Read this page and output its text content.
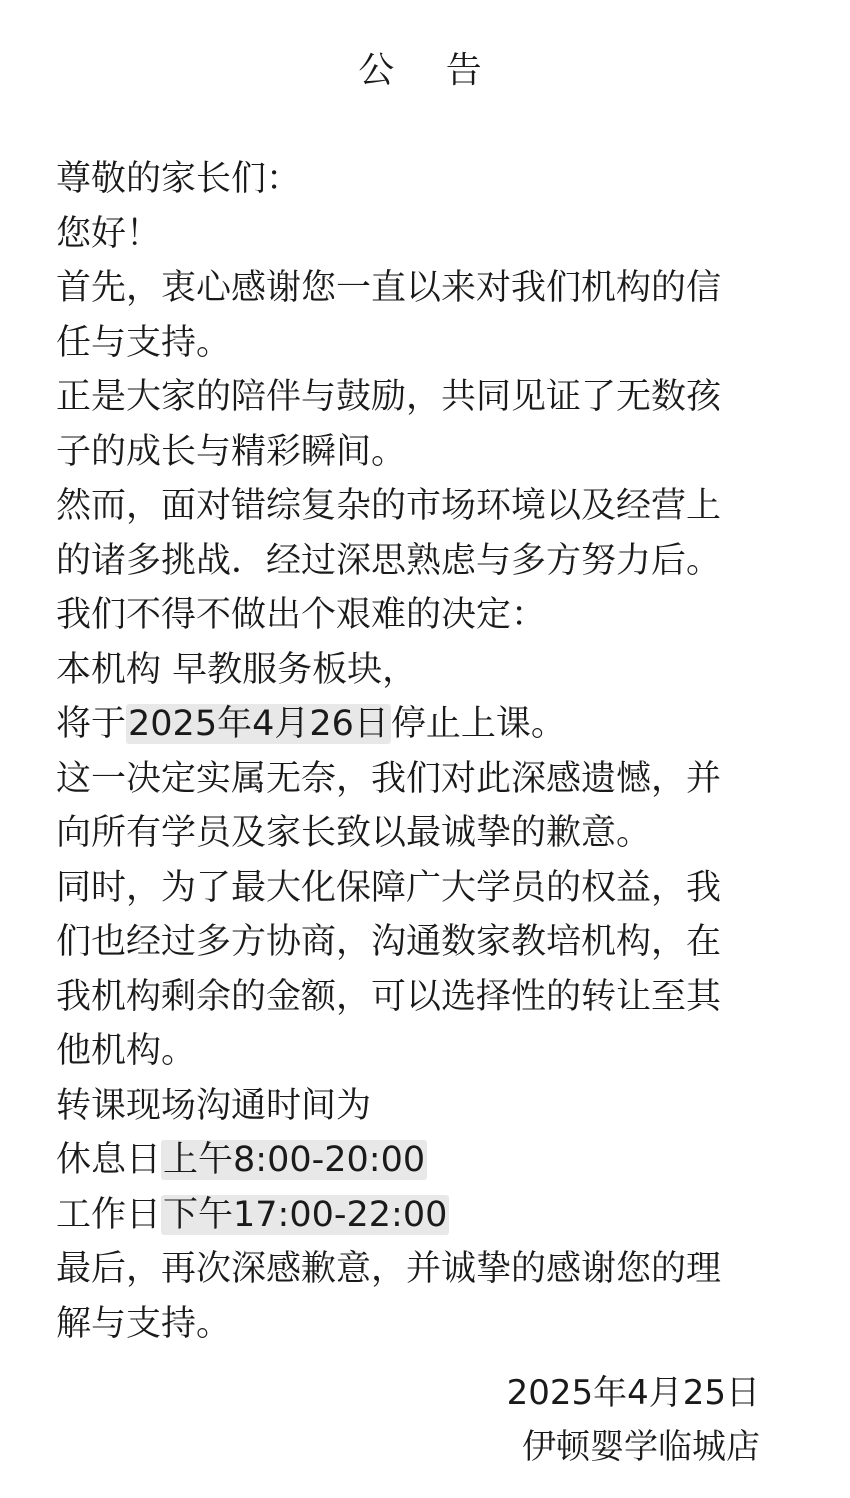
公 告
尊敬的家长们：
您好！
首先，衷心感谢您一直以来对我们机构的信
任与支持。
正是大家的陪伴与鼓励，共同见证了无数孩
子的成长与精彩瞬间。
然而，面对错综复杂的市场环境以及经营上
的诸多挑战．经过深思熟虑与多方努力后。
我们不得不做出个艰难的决定：
本机构 早教服务板块，
将于2025年4月26日停止上课。
这一决定实属无奈，我们对此深感遗憾，并
向所有学员及家长致以最诚挚的歉意。
同时，为了最大化保障广大学员的权益，我
们也经过多方协商，沟通数家教培机构，在
我机构剩余的金额，可以选择性的转让至其
他机构。
转课现场沟通时间为
休息日上午8:00-20:00
工作日下午17:00-22:00
最后，再次深感歉意，并诚挚的感谢您的理
解与支持。
2025年4月25日
伊顿婴学临城店
